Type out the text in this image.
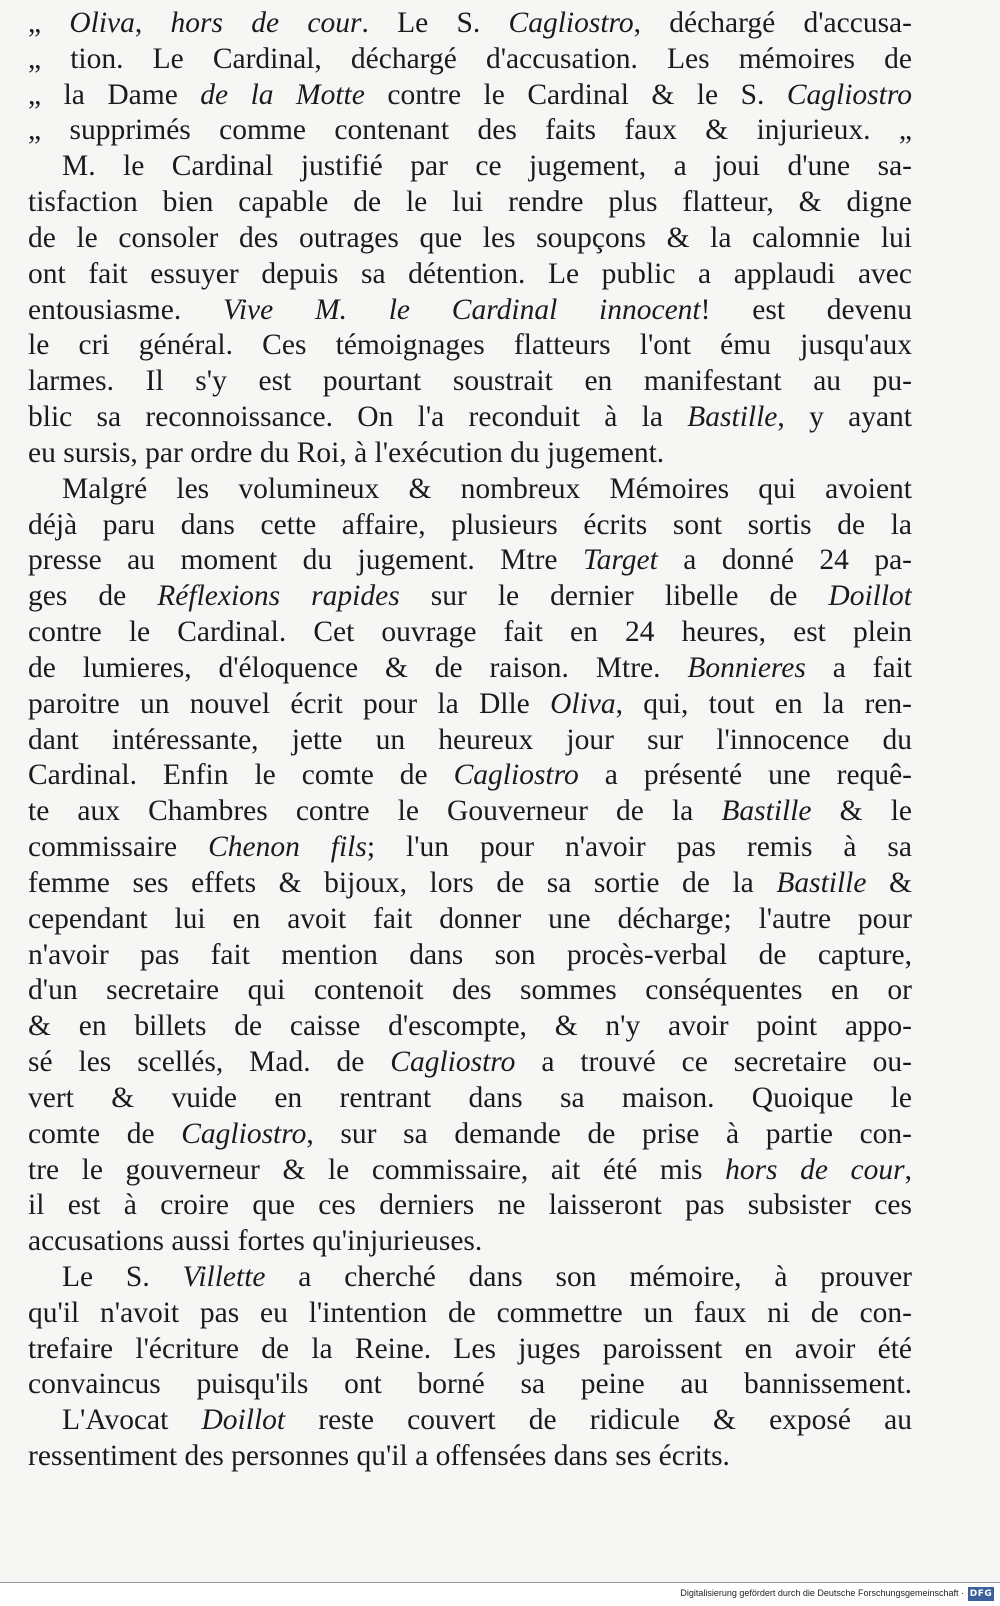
„ Oliva, hors de cour. Le S. Cagliostro, déchargé d'accusa-
„ tion. Le Cardinal, déchargé d'accusation. Les mémoires de
„ la Dame de la Motte contre le Cardinal & le S. Cagliostro
„ supprimés comme contenant des faits faux & injurieux. „
M. le Cardinal justifié par ce jugement, a joui d'une sa-
tisfaction bien capable de le lui rendre plus flatteur, & digne
de le consoler des outrages que les soupçons & la calomnie lui
ont fait essuyer depuis sa détention. Le public a applaudi avec
entousiasme. Vive M. le Cardinal innocent! est devenu
le cri général. Ces témoignages flatteurs l'ont ému jusqu'aux
larmes. Il s'y est pourtant soustrait en manifestant au pu-
blic sa reconnoissance. On l'a reconduit à la Bastille, y ayant
eu sursis, par ordre du Roi, à l'exécution du jugement.
Malgré les volumineux & nombreux Mémoires qui avoient
déjà paru dans cette affaire, plusieurs écrits sont sortis de la
presse au moment du jugement. Mtre Target a donné 24 pa-
ges de Réflexions rapides sur le dernier libelle de Doillot
contre le Cardinal. Cet ouvrage fait en 24 heures, est plein
de lumieres, d'éloquence & de raison. Mtre. Bonnieres a fait
paroitre un nouvel écrit pour la Dlle Oliva, qui, tout en la ren-
dant intéressante, jette un heureux jour sur l'innocence du
Cardinal. Enfin le comte de Cagliostro a présenté une requê-
te aux Chambres contre le Gouverneur de la Bastille & le
commissaire Chenon fils; l'un pour n'avoir pas remis à sa
femme ses effets & bijoux, lors de sa sortie de la Bastille &
cependant lui en avoit fait donner une décharge; l'autre pour
n'avoir pas fait mention dans son procès-verbal de capture,
d'un secretaire qui contenoit des sommes conséquentes en or
& en billets de caisse d'escompte, & n'y avoir point appo-
sé les scellés, Mad. de Cagliostro a trouvé ce secretaire ou-
vert & vuide en rentrant dans sa maison. Quoique le
comte de Cagliostro, sur sa demande de prise à partie con-
tre le gouverneur & le commissaire, ait été mis hors de cour,
il est à croire que ces derniers ne laisseront pas subsister ces
accusations aussi fortes qu'injurieuses.
Le S. Villette a cherché dans son mémoire, à prouver
qu'il n'avoit pas eu l'intention de commettre un faux ni de con-
trefaire l'écriture de la Reine. Les juges paroissent en avoir été
convaincus puisqu'ils ont borné sa peine au bannissement.
L'Avocat Doillot reste couvert de ridicule & exposé au
ressentiment des personnes qu'il a offensées dans ses écrits.
Digitalisierung gefördert durch die Deutsche Forschungsgemeinschaft · DFG
